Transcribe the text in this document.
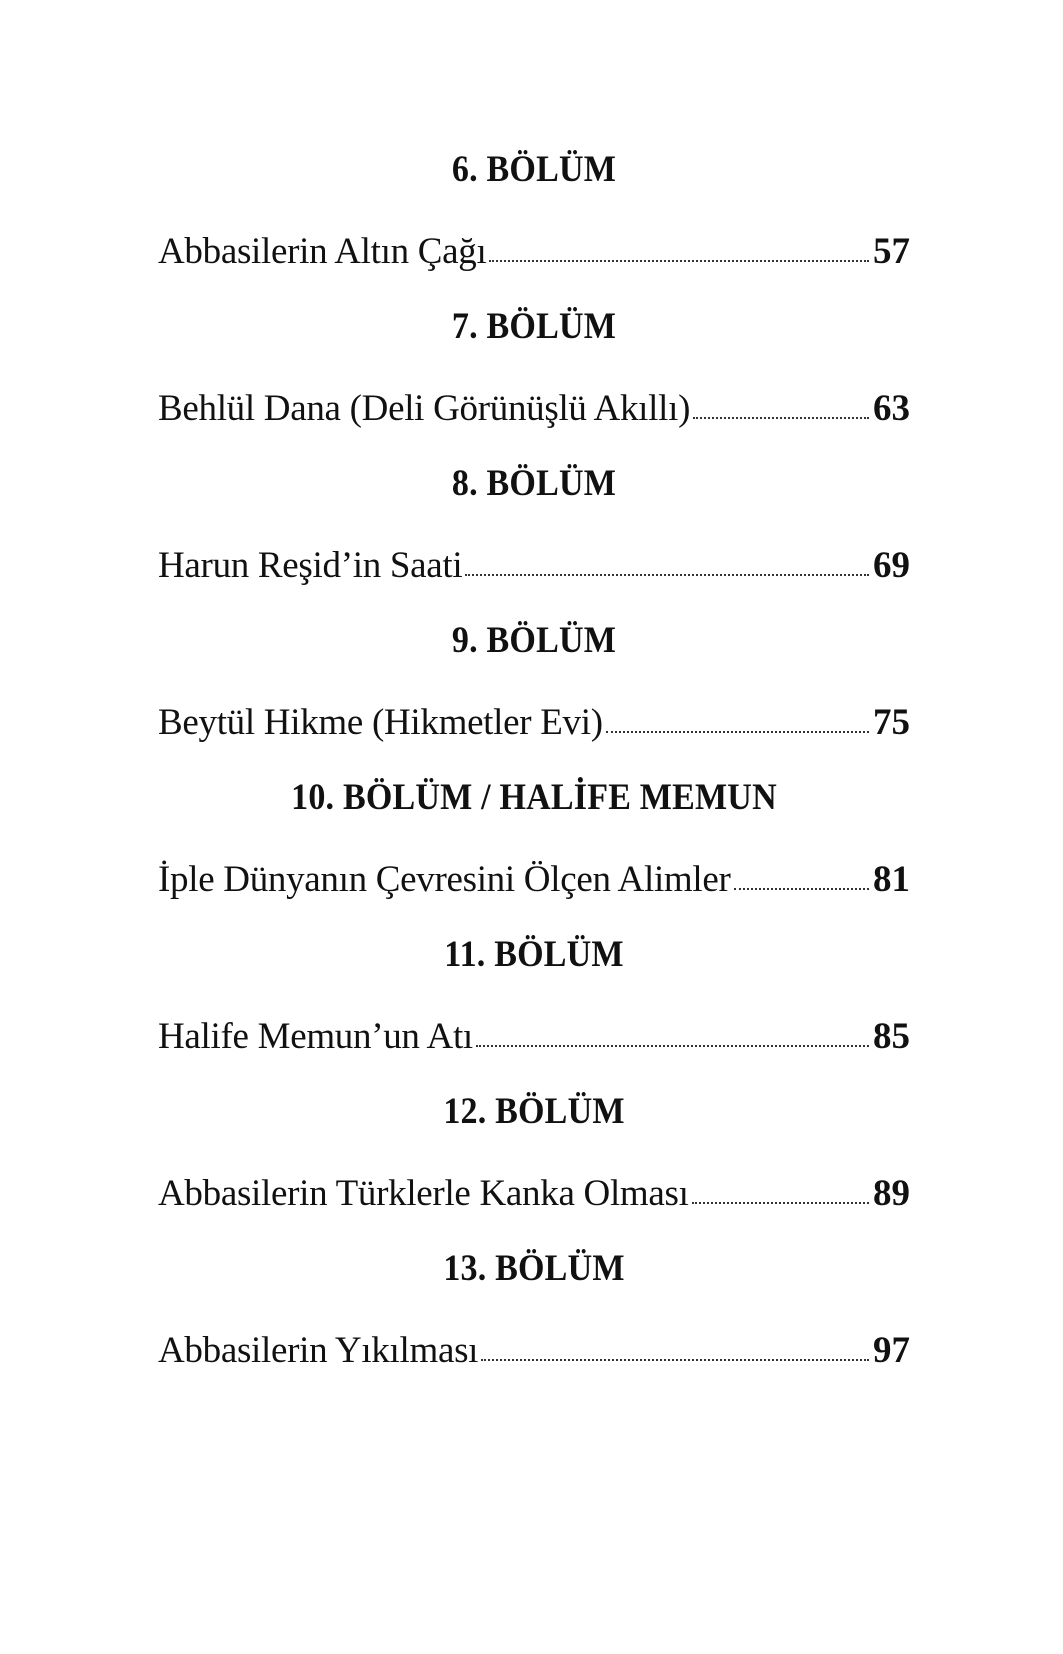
6. BÖLÜM
Abbasilerin Altın Çağı	57
7. BÖLÜM
Behlül Dana (Deli Görünüşlü Akıllı)	63
8. BÖLÜM
Harun Reşid’in Saati	69
9. BÖLÜM
Beytül Hikme (Hikmetler Evi)	75
10. BÖLÜM / HALİFE MEMUN
İple Dünyanın Çevresini Ölçen Alimler	81
11. BÖLÜM
Halife Memun’un Atı	85
12. BÖLÜM
Abbasilerin Türklerle Kanka Olması	89
13. BÖLÜM
Abbasilerin Yıkılması	97
